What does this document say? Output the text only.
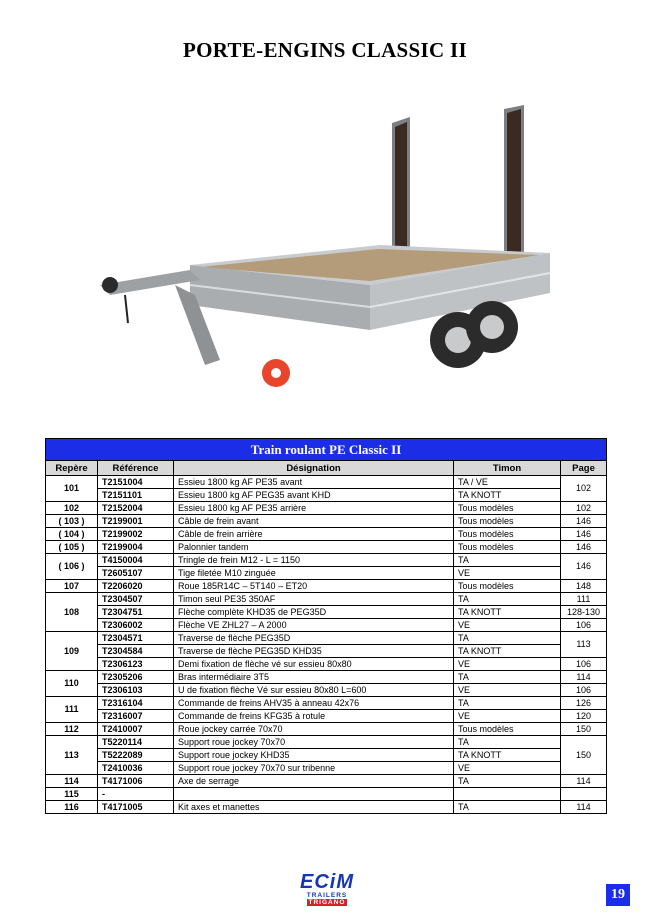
PORTE-ENGINS CLASSIC II
Train roulant PE Classic II				
Repère	Référence	Désignation	Timon	Page
101	T2151004	Essieu 1800 kg AF PE35 avant	TA / VE	102
	T2151101	Essieu 1800 kg AF PEG35 avant KHD	TA KNOTT	
102	T2152004	Essieu 1800 kg AF PE35 arrière	Tous modèles	102
( 103 )	T2199001	Câble de frein avant	Tous modèles	146
( 104 )	T2199002	Câble de frein arrière	Tous modèles	146
( 105 )	T2199004	Palonnier tandem	Tous modèles	146
( 106 )	T4150004	Tringle de frein M12 - L = 1150	TA	146
	T2605107	Tige filetée M10 zinguée	VE	
107	T2206020	Roue 185R14C – 5T140 – ET20	Tous modèles	148
108	T2304507	Timon seul PE35 350AF	TA	111
	T2304751	Flèche complète KHD35 de PEG35D	TA KNOTT	128-130
	T2306002	Flèche VE ZHL27 – A 2000	VE	106
109	T2304571	Traverse de flèche PEG35D	TA	113
	T2304584	Traverse de flèche PEG35D KHD35	TA KNOTT	
	T2306123	Demi fixation de flèche vé sur essieu 80x80	VE	106
110	T2305206	Bras intermédiaire 3T5	TA	114
	T2306103	U de fixation flèche Vé sur essieu 80x80 L=600	VE	106
111	T2316104	Commande de freins AHV35 à anneau 42x76	TA	126
	T2316007	Commande de freins KFG35 à rotule	VE	120
112	T2410007	Roue jockey carrée 70x70	Tous modèles	150
113	T5220114	Support roue jockey 70x70	TA	150
	T5222089	Support roue jockey KHD35	TA KNOTT	
	T2410036	Support roue jockey 70x70 sur tribenne	VE	
114	T4171006	Axe de serrage	TA	114
115	-			
116	T4171005	Kit axes et manettes	TA	114
ECiM
TRAILERS TRIGANO
19
